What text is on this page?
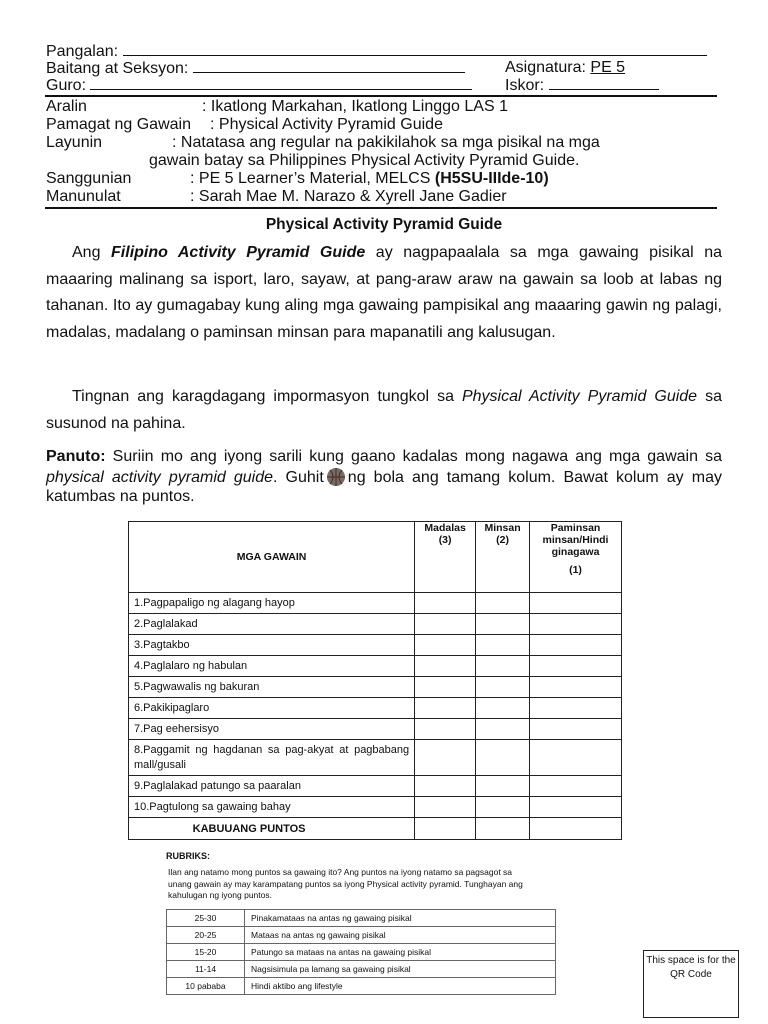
Pangalan:
Baitang at Seksyon:	Asignatura: PE 5
Guro:	Iskor:
Aralin	: Ikatlong Markahan, Ikatlong Linggo LAS 1
Pamagat ng Gawain : Physical Activity Pyramid Guide
Layunin	: Natatasa ang regular na pakikilahok sa mga pisikal na mga
gawain batay sa Philippines Physical Activity Pyramid Guide.
Sanggunian	: PE 5 Learner’s Material, MELCS (H5SU-IIIde-10)
Manunulat	: Sarah Mae M. Narazo & Xyrell Jane Gadier
Physical Activity Pyramid Guide
Ang Filipino Activity Pyramid Guide ay nagpapaalala sa mga gawaing pisikal na maaaring malinang sa isport, laro, sayaw, at pang-araw araw na gawain sa loob at labas ng tahanan. Ito ay gumagabay kung aling mga gawaing pampisikal ang maaaring gawin ng palagi, madalas, madalang o paminsan minsan para mapanatili ang kalusugan.
Tingnan ang karagdagang impormasyon tungkol sa Physical Activity Pyramid Guide sa susunod na pahina.
Panuto: Suriin mo ang iyong sarili kung gaano kadalas mong nagawa ang mga gawain sa physical activity pyramid guide. Guhit ng bola ang tamang kolum. Bawat kolum ay may katumbas na puntos.
MGA GAWAIN	Madalas (3)	Minsan (2)	Paminsan minsan/Hindi ginagawa
(1)

1.Pagpapaligo ng alagang hayop			
2.Paglalakad			
3.Pagtakbo			
4.Paglalaro ng habulan			
5.Pagwawalis ng bakuran			
6.Pakikipaglaro			
7.Pag eehersisyo			
8.Paggamit ng hagdanan sa pag-akyat at pagbabang mall/gusali			
9.Paglalakad patungo sa paaralan			
10.Pagtulong sa gawaing bahay			
KABUUANG PUNTOS			
RUBRIKS:
Ilan ang natamo mong puntos sa gawaing ito? Ang puntos na iyong natamo sa pagsagot sa unang gawain ay may karampatang puntos sa iyong Physical activity pyramid. Tunghayan ang kahulugan ng iyong puntos.
25-30	Pinakamataas na antas ng gawaing pisikal
20-25	Mataas na antas ng gawaing pisikal
15-20	Patungo sa mataas na antas na gawaing pisikal
11-14	Nagsisimula pa lamang sa gawaing pisikal
10 pababa	Hindi aktibo ang lifestyle
This space is for the QR Code
